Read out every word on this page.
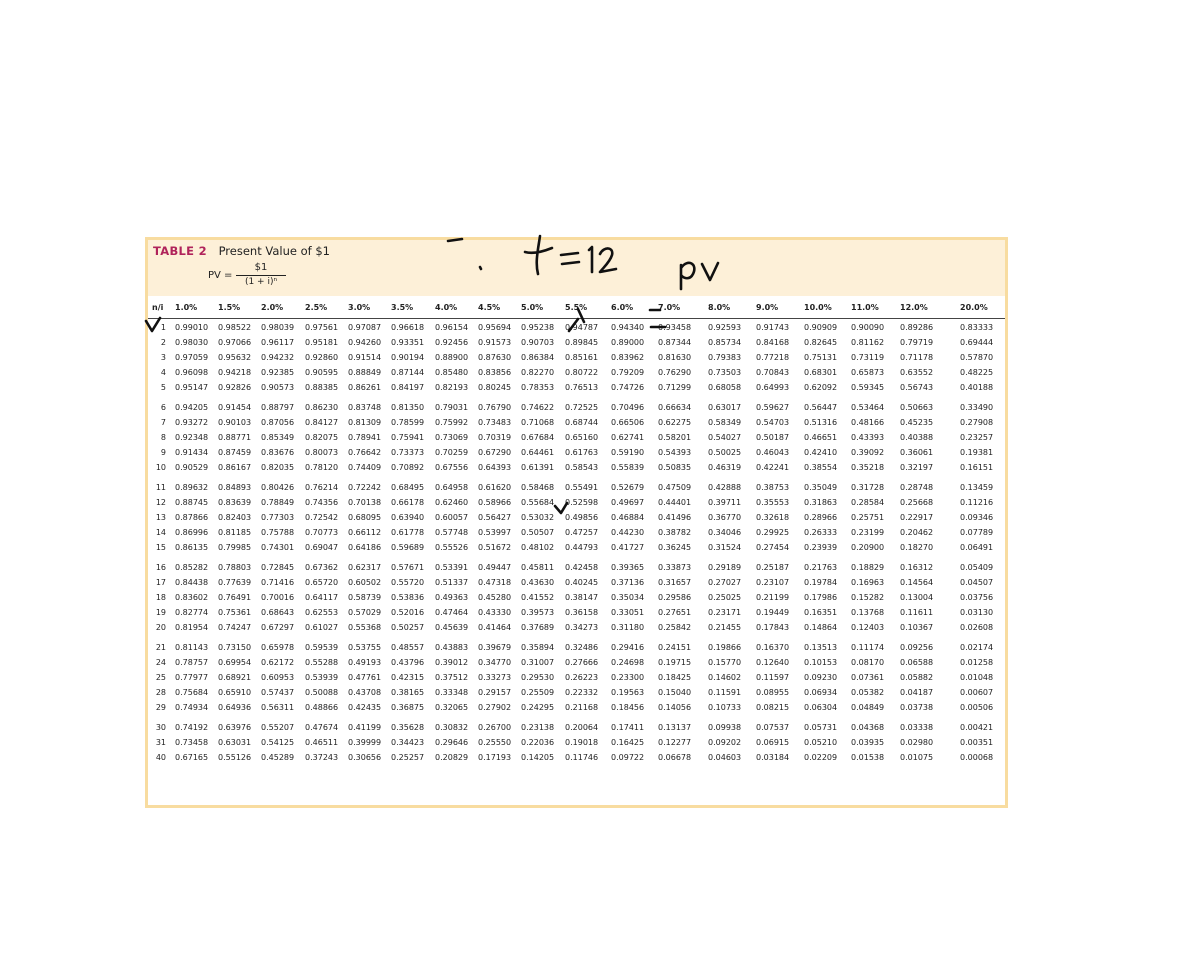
TABLE 2 Present Value of $1
PV = $\frac{\$1}{\text{(1 + i)ⁿ}}$
n/i 1.0%	1.5%	2.0%	2.5%	3.0%	3.5%	4.0%	4.5%	5.0%	5.5%	6.0%	7.0%	8.0%	9.0%	10.0% 11.0%	12.0%	20.0%
1 0.99010 0.98522 0.98039 0.97561 0.97087 0.96618 0.96154 0.95694 0.95238 0.94787 0.94340 0.93458 0.92593 0.91743 0.90909 0.90090 0.89286	0.83333
2 0.98030 0.97066 0.96117 0.95181 0.94260 0.93351 0.92456 0.91573 0.90703 0.89845 0.89000 0.87344 0.85734 0.84168 0.82645 0.81162 0.79719	0.69444
3 0.97059 0.95632 0.94232 0.92860 0.91514 0.90194 0.88900 0.87630 0.86384 0.85161 0.83962 0.81630 0.79383 0.77218 0.75131 0.73119 0.71178	0.57870
4 0.96098 0.94218 0.92385 0.90595 0.88849 0.87144 0.85480 0.83856 0.82270 0.80722 0.79209 0.76290 0.73503 0.70843 0.68301 0.65873 0.63552	0.48225
5 0.95147 0.92826 0.90573 0.88385 0.86261 0.84197 0.82193 0.80245 0.78353 0.76513 0.74726 0.71299 0.68058 0.64993 0.62092 0.59345 0.56743	0.40188
6 0.94205 0.91454 0.88797 0.86230 0.83748 0.81350 0.79031 0.76790 0.74622 0.72525 0.70496 0.66634 0.63017 0.59627 0.56447 0.53464 0.50663	0.33490
7 0.93272 0.90103 0.87056 0.84127 0.81309 0.78599 0.75992 0.73483 0.71068 0.68744 0.66506 0.62275 0.58349 0.54703 0.51316 0.48166 0.45235	0.27908
8 0.92348 0.88771 0.85349 0.82075 0.78941 0.75941 0.73069 0.70319 0.67684 0.65160 0.62741 0.58201 0.54027 0.50187 0.46651 0.43393 0.40388	0.23257
9 0.91434 0.87459 0.83676 0.80073 0.76642 0.73373 0.70259 0.67290 0.64461 0.61763 0.59190 0.54393 0.50025 0.46043 0.42410 0.39092 0.36061	0.19381
10 0.90529 0.86167 0.82035 0.78120 0.74409 0.70892 0.67556 0.64393 0.61391 0.58543 0.55839 0.50835 0.46319 0.42241 0.38554 0.35218 0.32197	0.16151
11 0.89632 0.84893 0.80426 0.76214 0.72242 0.68495 0.64958 0.61620 0.58468 0.55491 0.52679 0.47509 0.42888 0.38753 0.35049 0.31728 0.28748	0.13459
12 0.88745 0.83639 0.78849 0.74356 0.70138 0.66178 0.62460 0.58966 0.55684 0.52598 0.49697 0.44401 0.39711 0.35553 0.31863 0.28584 0.25668	0.11216
13 0.87866 0.82403 0.77303 0.72542 0.68095 0.63940 0.60057 0.56427 0.53032 0.49856 0.46884 0.41496 0.36770 0.32618 0.28966 0.25751 0.22917	0.09346
14 0.86996 0.81185 0.75788 0.70773 0.66112 0.61778 0.57748 0.53997 0.50507 0.47257 0.44230 0.38782 0.34046 0.29925 0.26333 0.23199 0.20462	0.07789
15 0.86135 0.79985 0.74301 0.69047 0.64186 0.59689 0.55526 0.51672 0.48102 0.44793 0.41727 0.36245 0.31524 0.27454 0.23939 0.20900 0.18270	0.06491
16 0.85282 0.78803 0.72845 0.67362 0.62317 0.57671 0.53391 0.49447 0.45811 0.42458 0.39365 0.33873 0.29189 0.25187 0.21763 0.18829 0.16312	0.05409
17 0.84438 0.77639 0.71416 0.65720 0.60502 0.55720 0.51337 0.47318 0.43630 0.40245 0.37136 0.31657 0.27027 0.23107 0.19784 0.16963 0.14564	0.04507
18 0.83602 0.76491 0.70016 0.64117 0.58739 0.53836 0.49363 0.45280 0.41552 0.38147 0.35034 0.29586 0.25025 0.21199 0.17986 0.15282 0.13004	0.03756
19 0.82774 0.75361 0.68643 0.62553 0.57029 0.52016 0.47464 0.43330 0.39573 0.36158 0.33051 0.27651 0.23171 0.19449 0.16351 0.13768 0.11611	0.03130
20 0.81954 0.74247 0.67297 0.61027 0.55368 0.50257 0.45639 0.41464 0.37689 0.34273 0.31180 0.25842 0.21455 0.17843 0.14864 0.12403 0.10367	0.02608
21 0.81143 0.73150 0.65978 0.59539 0.53755 0.48557 0.43883 0.39679 0.35894 0.32486 0.29416 0.24151 0.19866 0.16370 0.13513 0.11174 0.09256	0.02174
24 0.78757 0.69954 0.62172 0.55288 0.49193 0.43796 0.39012 0.34770 0.31007 0.27666 0.24698 0.19715 0.15770 0.12640 0.10153 0.08170 0.06588	0.01258
25 0.77977 0.68921 0.60953 0.53939 0.47761 0.42315 0.37512 0.33273 0.29530 0.26223 0.23300 0.18425 0.14602 0.11597 0.09230 0.07361 0.05882	0.01048
28 0.75684 0.65910 0.57437 0.50088 0.43708 0.38165 0.33348 0.29157 0.25509 0.22332 0.19563 0.15040 0.11591 0.08955 0.06934 0.05382 0.04187	0.00607
29 0.74934 0.64936 0.56311 0.48866 0.42435 0.36875 0.32065 0.27902 0.24295 0.21168 0.18456 0.14056 0.10733 0.08215 0.06304 0.04849 0.03738	0.00506
30 0.74192 0.63976 0.55207 0.47674 0.41199 0.35628 0.30832 0.26700 0.23138 0.20064 0.17411 0.13137 0.09938 0.07537 0.05731 0.04368 0.03338	0.00421
31 0.73458 0.63031 0.54125 0.46511 0.39999 0.34423 0.29646 0.25550 0.22036 0.19018 0.16425 0.12277 0.09202 0.06915 0.05210 0.03935 0.02980	0.00351
40 0.67165 0.55126 0.45289 0.37243 0.30656 0.25257 0.20829 0.17193 0.14205 0.11746 0.09722 0.06678 0.04603 0.03184 0.02209 0.01538 0.01075	0.00068
t = 12 PV
